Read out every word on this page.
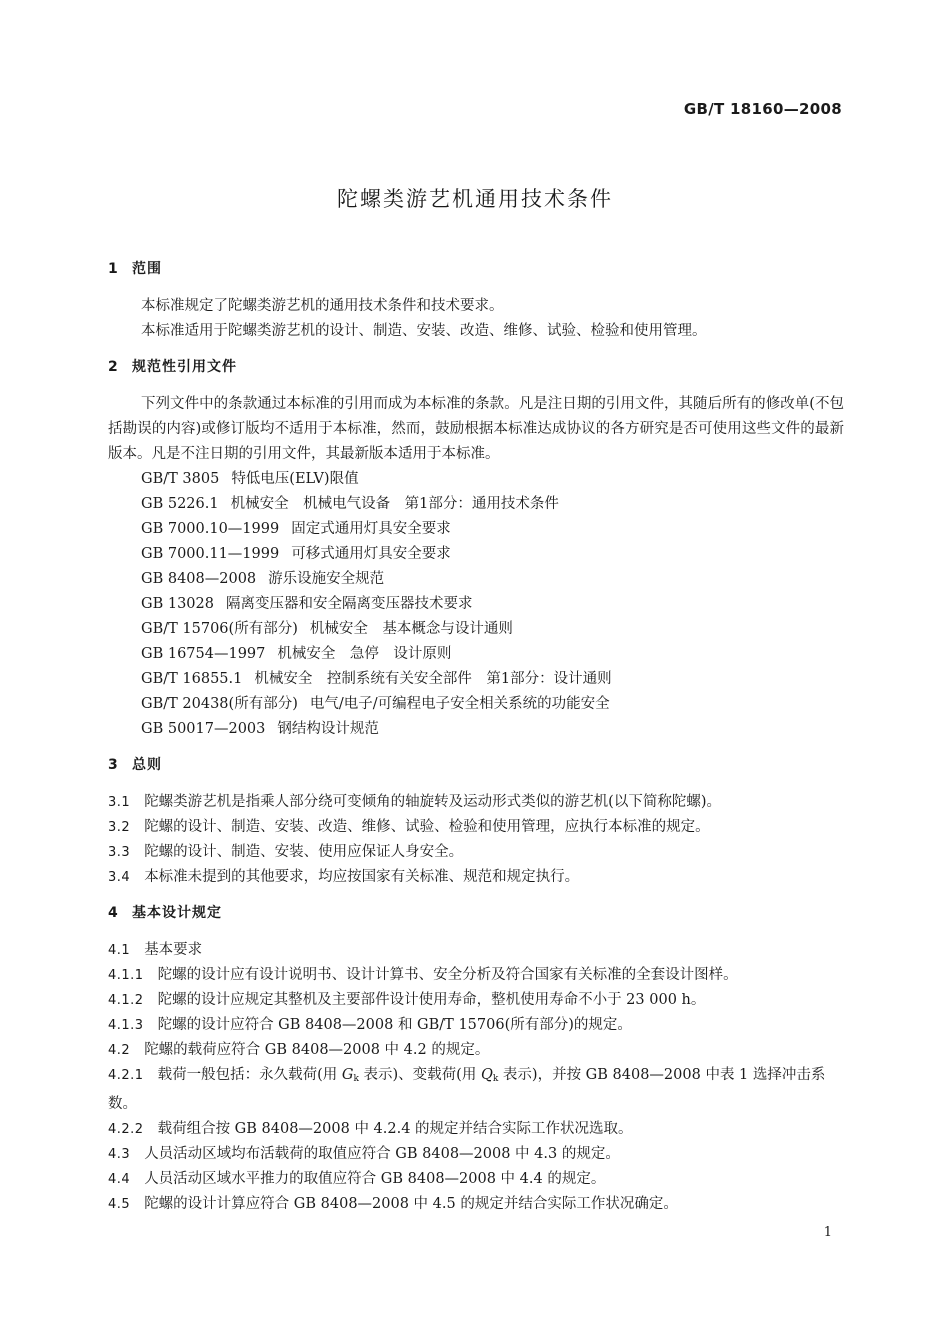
GB/T 18160—2008
陀螺类游艺机通用技术条件
1 范围
本标准规定了陀螺类游艺机的通用技术条件和技术要求。
本标准适用于陀螺类游艺机的设计、制造、安装、改造、维修、试验、检验和使用管理。
2 规范性引用文件
下列文件中的条款通过本标准的引用而成为本标准的条款。凡是注日期的引用文件，其随后所有的修改单(不包括勘误的内容)或修订版均不适用于本标准，然而，鼓励根据本标准达成协议的各方研究是否可使用这些文件的最新版本。凡是不注日期的引用文件，其最新版本适用于本标准。
GB/T 3805 特低电压(ELV)限值
GB 5226.1 机械安全　机械电气设备　第1部分：通用技术条件
GB 7000.10—1999 固定式通用灯具安全要求
GB 7000.11—1999 可移式通用灯具安全要求
GB 8408—2008 游乐设施安全规范
GB 13028 隔离变压器和安全隔离变压器技术要求
GB/T 15706(所有部分) 机械安全　基本概念与设计通则
GB 16754—1997 机械安全　急停　设计原则
GB/T 16855.1 机械安全　控制系统有关安全部件　第1部分：设计通则
GB/T 20438(所有部分) 电气/电子/可编程电子安全相关系统的功能安全
GB 50017—2003 钢结构设计规范
3 总则
3.1 陀螺类游艺机是指乘人部分绕可变倾角的轴旋转及运动形式类似的游艺机(以下简称陀螺)。
3.2 陀螺的设计、制造、安装、改造、维修、试验、检验和使用管理，应执行本标准的规定。
3.3 陀螺的设计、制造、安装、使用应保证人身安全。
3.4 本标准未提到的其他要求，均应按国家有关标准、规范和规定执行。
4 基本设计规定
4.1 基本要求
4.1.1 陀螺的设计应有设计说明书、设计计算书、安全分析及符合国家有关标准的全套设计图样。
4.1.2 陀螺的设计应规定其整机及主要部件设计使用寿命，整机使用寿命不小于 23 000 h。
4.1.3 陀螺的设计应符合 GB 8408—2008 和 GB/T 15706(所有部分)的规定。
4.2 陀螺的载荷应符合 GB 8408—2008 中 4.2 的规定。
4.2.1 载荷一般包括：永久载荷(用 $G_k$ 表示)、变载荷(用 $Q_k$ 表示)，并按 GB 8408—2008 中表 1 选择冲击系数。
4.2.2 载荷组合按 GB 8408—2008 中 4.2.4 的规定并结合实际工作状况选取。
4.3 人员活动区域均布活载荷的取值应符合 GB 8408—2008 中 4.3 的规定。
4.4 人员活动区域水平推力的取值应符合 GB 8408—2008 中 4.4 的规定。
4.5 陀螺的设计计算应符合 GB 8408—2008 中 4.5 的规定并结合实际工作状况确定。
1
